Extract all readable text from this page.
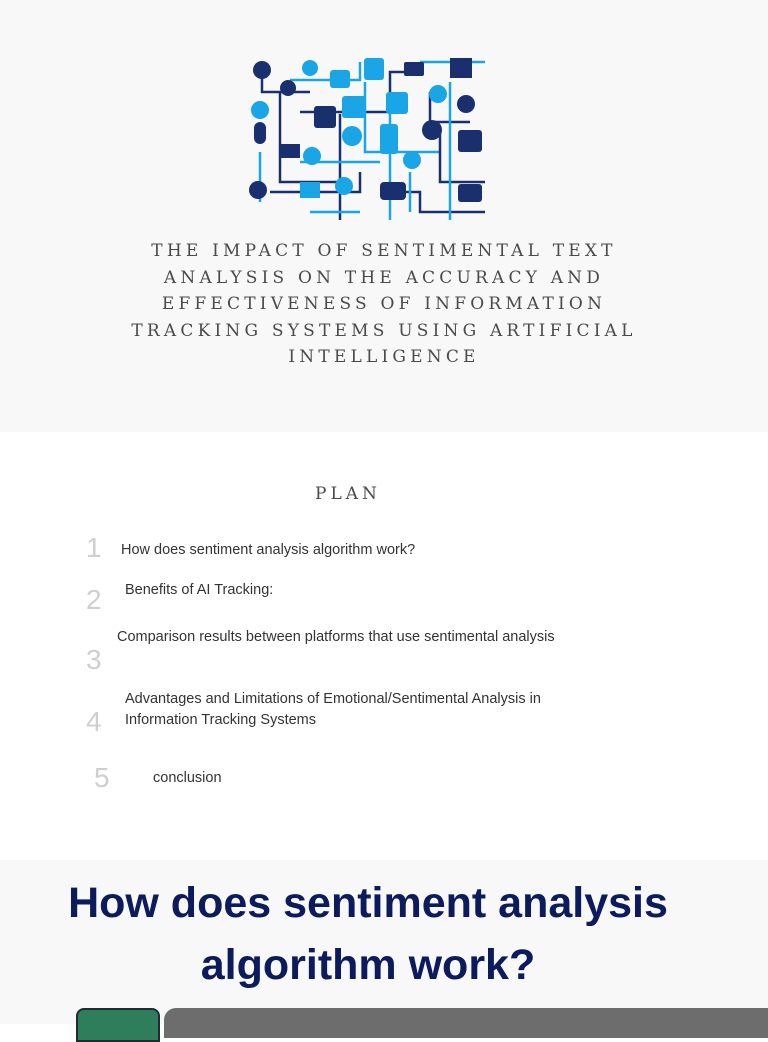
THE IMPACT OF SENTIMENTAL TEXT ANALYSIS ON THE ACCURACY AND EFFECTIVENESS OF INFORMATION TRACKING SYSTEMS USING ARTIFICIAL INTELLIGENCE

PLAN

1 How does sentiment analysis algorithm work?
2 Benefits of AI Tracking:
3
Comparison results between platforms that use sentimental analysis
4
Advantages and Limitations of Emotional/Sentimental Analysis in Information Tracking Systems
5	conclusion
How does sentiment analysis
algorithm work?
